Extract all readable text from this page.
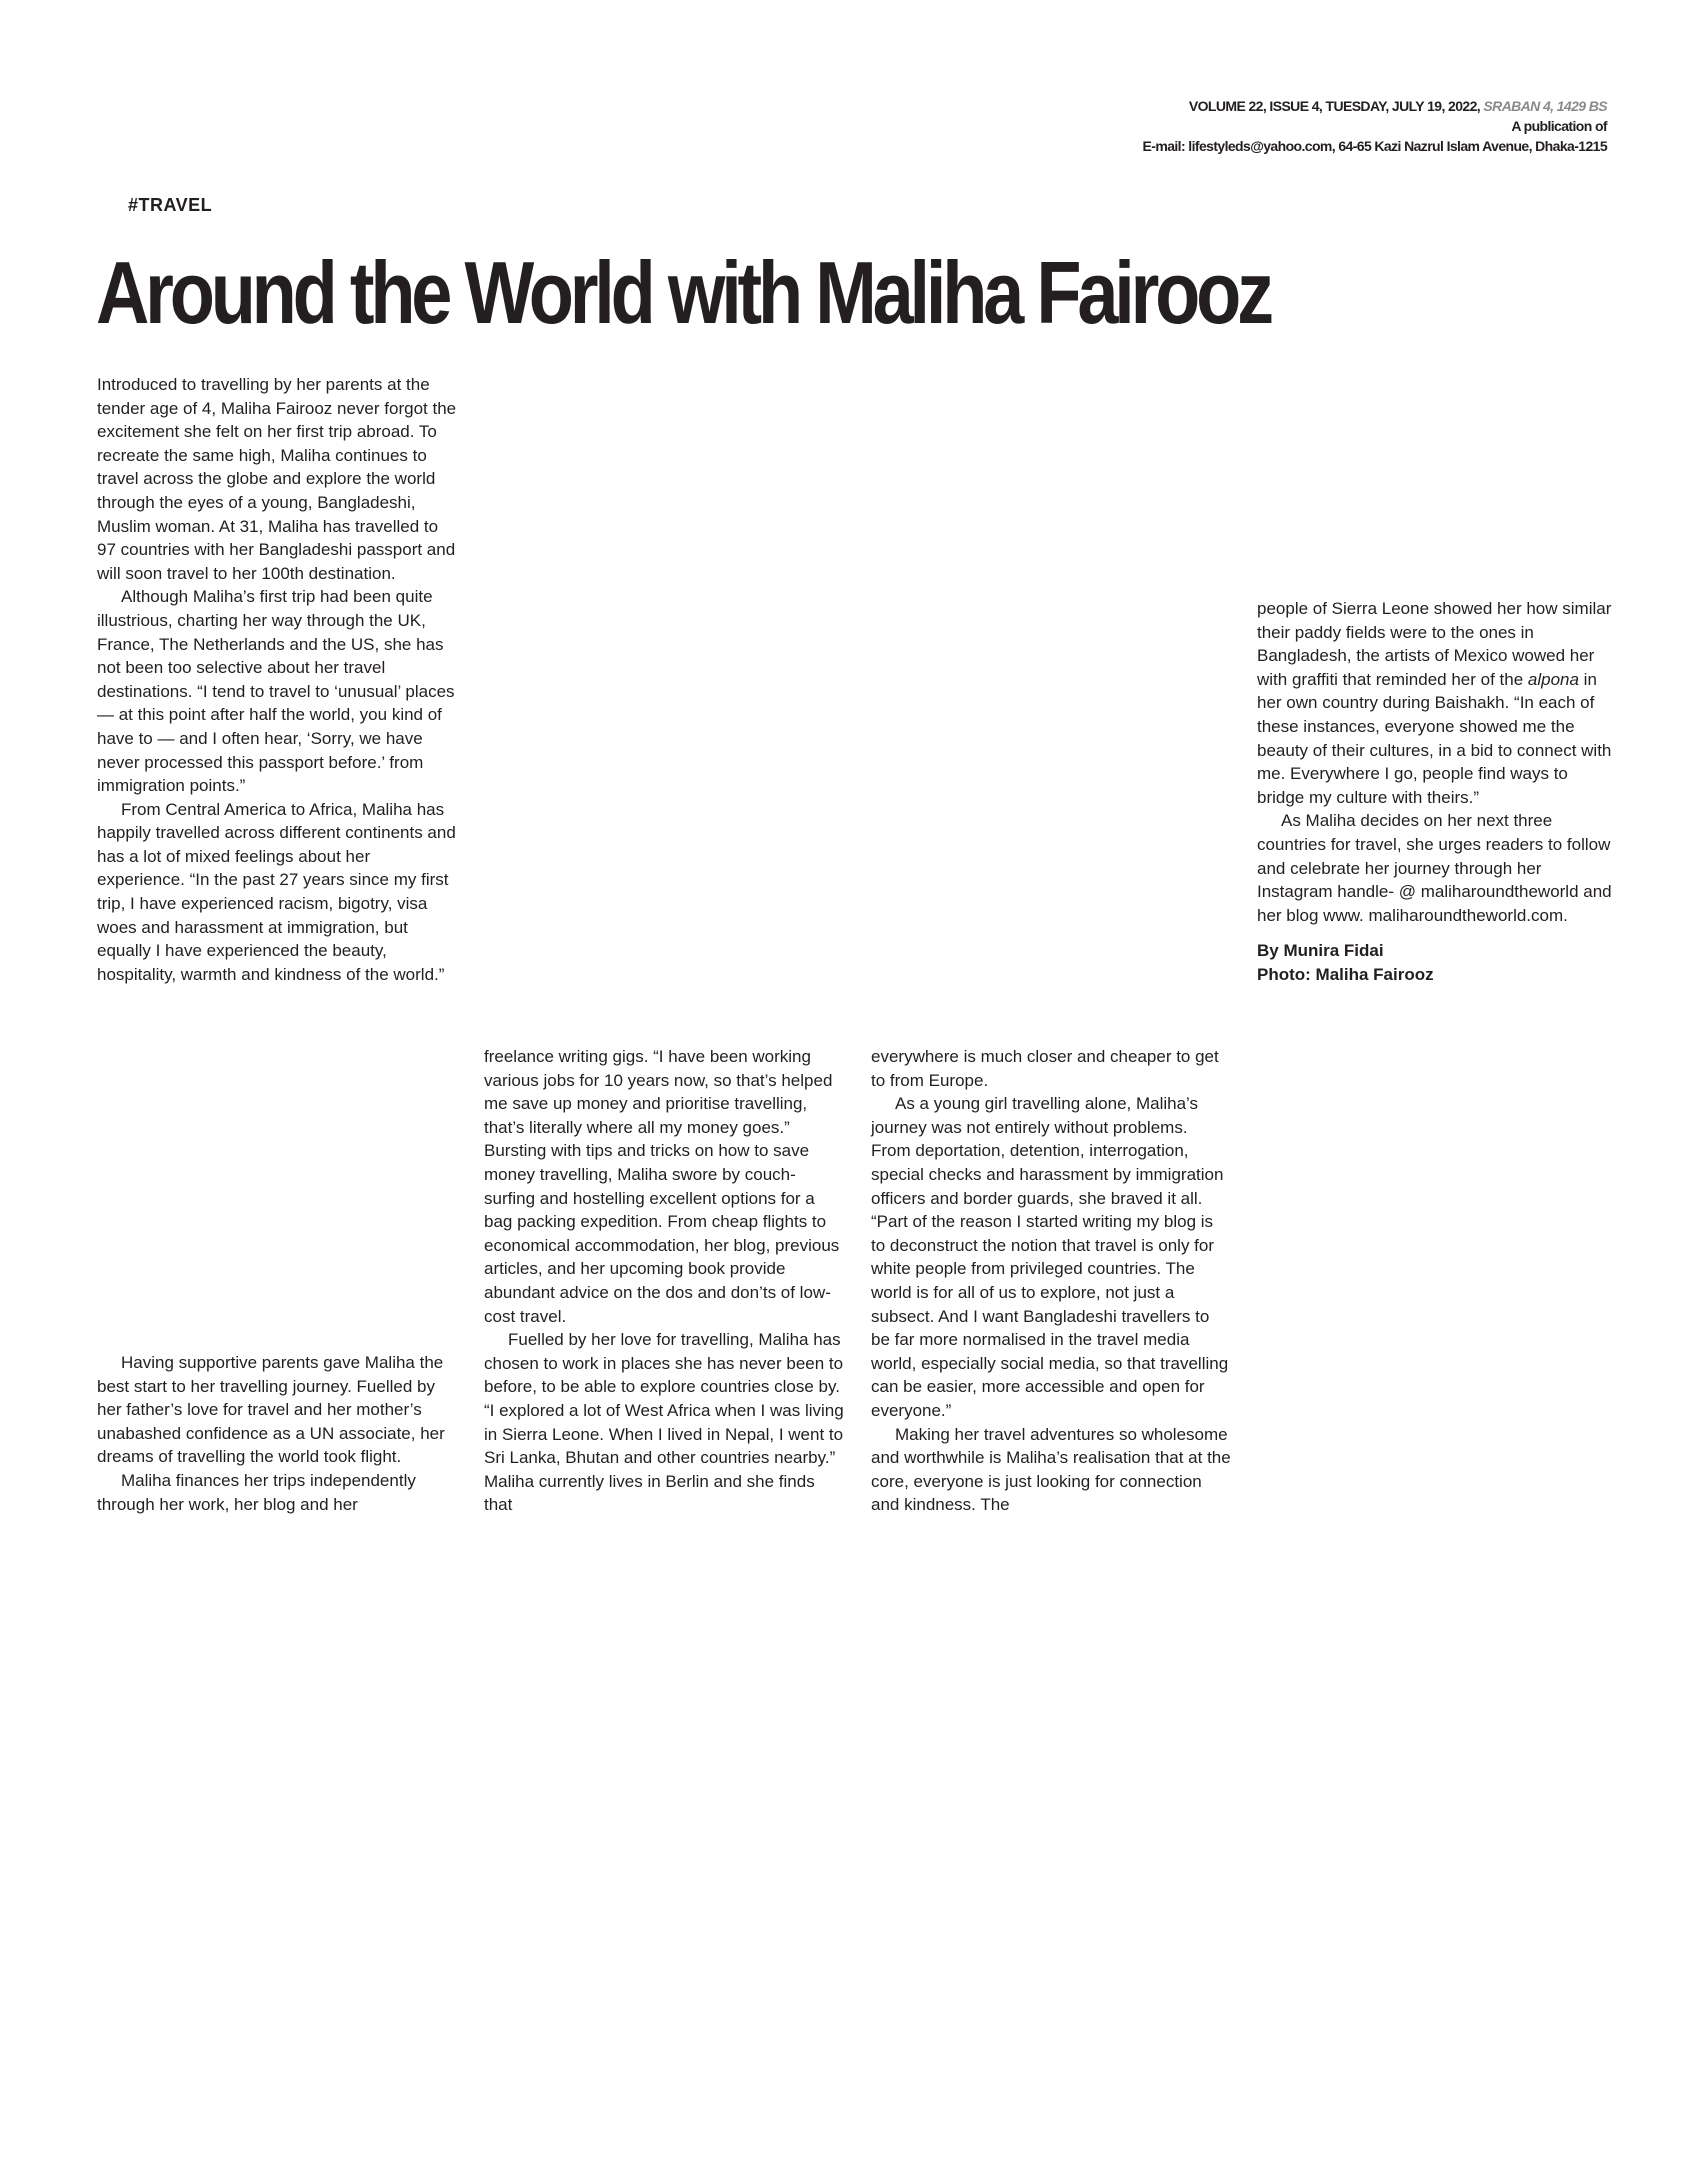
VOLUME 22, ISSUE 4, TUESDAY, JULY 19, 2022, SRABAN 4, 1429 BS
A publication of
E-mail: lifestyleds@yahoo.com, 64-65 Kazi Nazrul Islam Avenue, Dhaka-1215
#TRAVEL
Around the World with Maliha Fairooz

Introduced to travelling by her parents at the tender age of 4, Maliha Fairooz never forgot the excitement she felt on her first trip abroad. To recreate the same high, Maliha continues to travel across the globe and explore the world through the eyes of a young, Bangladeshi, Muslim woman. At 31, Maliha has travelled to 97 countries with her Bangladeshi passport and will soon travel to her 100th destination.

Although Maliha’s first trip had been quite illustrious, charting her way through the UK, France, The Netherlands and the US, she has not been too selective about her travel destinations. “I tend to travel to ‘unusual’ places — at this point after half the world, you kind of have to — and I often hear, ‘Sorry, we have never processed this passport before.’ from immigration points.”

From Central America to Africa, Maliha has happily travelled across different continents and has a lot of mixed feelings about her experience. “In the past 27 years since my first trip, I have experienced racism, bigotry, visa woes and harassment at immigration, but equally I have experienced the beauty, hospitality, warmth and kindness of the world.”

Having supportive parents gave Maliha the best start to her travelling journey. Fuelled by her father’s love for travel and her mother’s unabashed confidence as a UN associate, her dreams of travelling the world took flight.

Maliha finances her trips independently through her work, her blog and her

freelance writing gigs. “I have been working various jobs for 10 years now, so that’s helped me save up money and prioritise travelling, that’s literally where all my money goes.” Bursting with tips and tricks on how to save money travelling, Maliha swore by couch-surfing and hostelling excellent options for a bag packing expedition. From cheap flights to economical accommodation, her blog, previous articles, and her upcoming book provide abundant advice on the dos and don’ts of low-cost travel.

Fuelled by her love for travelling, Maliha has chosen to work in places she has never been to before, to be able to explore countries close by. “I explored a lot of West Africa when I was living in Sierra Leone. When I lived in Nepal, I went to Sri Lanka, Bhutan and other countries nearby.” Maliha currently lives in Berlin and she finds that

everywhere is much closer and cheaper to get to from Europe.

As a young girl travelling alone, Maliha’s journey was not entirely without problems. From deportation, detention, interrogation, special checks and harassment by immigration officers and border guards, she braved it all. “Part of the reason I started writing my blog is to deconstruct the notion that travel is only for white people from privileged countries. The world is for all of us to explore, not just a subsect. And I want Bangladeshi travellers to be far more normalised in the travel media world, especially social media, so that travelling can be easier, more accessible and open for everyone.”

Making her travel adventures so wholesome and worthwhile is Maliha’s realisation that at the core, everyone is just looking for connection and kindness. The

people of Sierra Leone showed her how similar their paddy fields were to the ones in Bangladesh, the artists of Mexico wowed her with graffiti that reminded her of the alpona in her own country during Baishakh. “In each of these instances, everyone showed me the beauty of their cultures, in a bid to connect with me. Everywhere I go, people find ways to bridge my culture with theirs.”

As Maliha decides on her next three countries for travel, she urges readers to follow and celebrate her journey through her Instagram handle- @ maliharoundtheworld and her blog www. maliharoundtheworld.com.

By Munira Fidai
Photo: Maliha Fairooz
